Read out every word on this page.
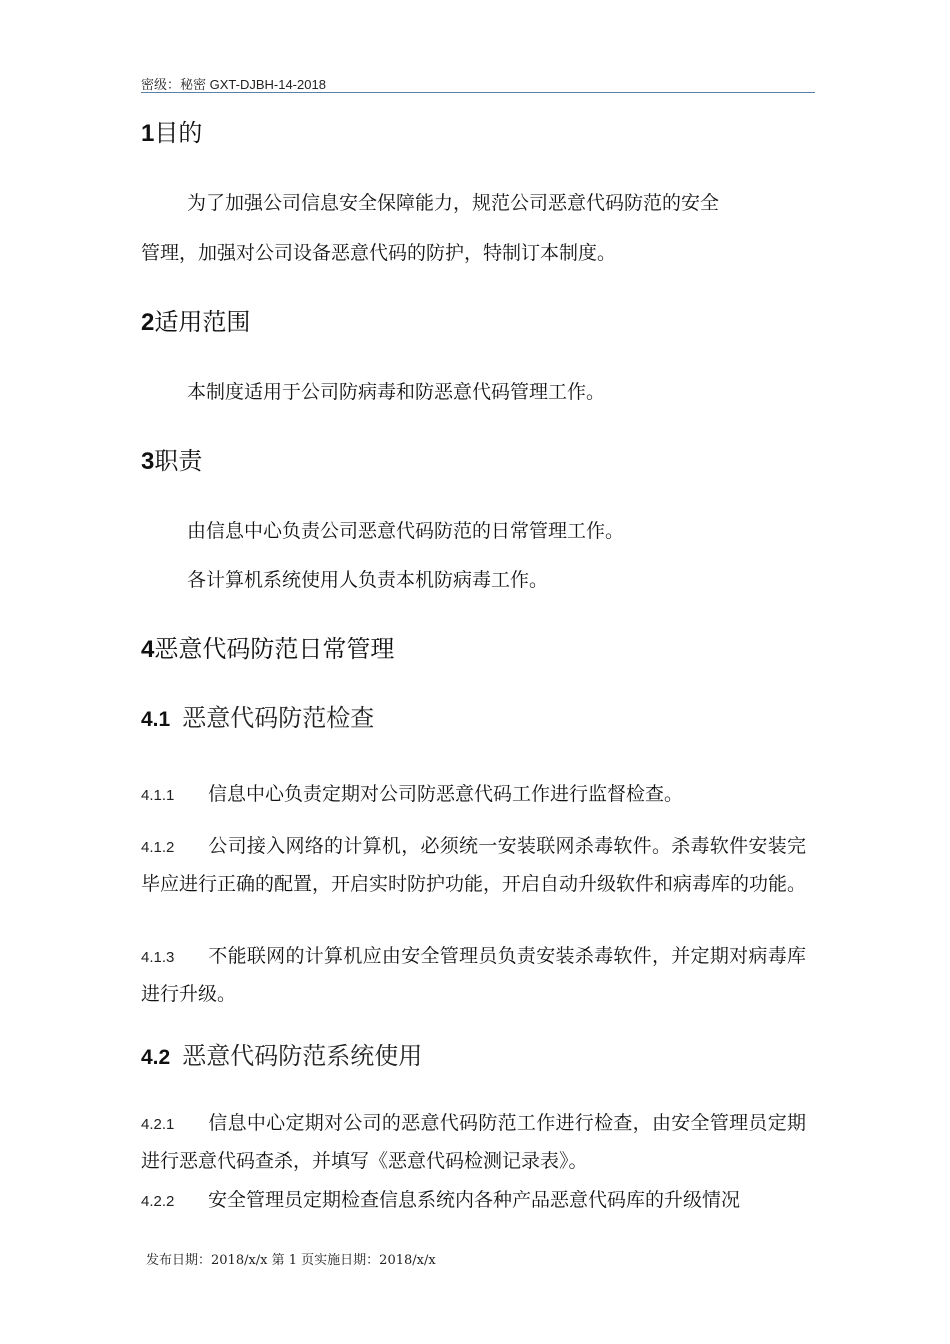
密级：秘密 GXT-DJBH-14-2018
1目的
为了加强公司信息安全保障能力，规范公司恶意代码防范的安全
管理，加强对公司设备恶意代码的防护，特制订本制度。
2适用范围
本制度适用于公司防病毒和防恶意代码管理工作。
3职责
由信息中心负责公司恶意代码防范的日常管理工作。
各计算机系统使用人负责本机防病毒工作。
4恶意代码防范日常管理
4.1 恶意代码防范检查
4.1.1 信息中心负责定期对公司防恶意代码工作进行监督检查。
4.1.2 公司接入网络的计算机，必须统一安装联网杀毒软件。杀毒软件安装完毕应进行正确的配置，开启实时防护功能，开启自动升级软件和病毒库的功能。
4.1.3 不能联网的计算机应由安全管理员负责安装杀毒软件，并定期对病毒库进行升级。
4.2 恶意代码防范系统使用
4.2.1 信息中心定期对公司的恶意代码防范工作进行检查，由安全管理员定期进行恶意代码查杀，并填写《恶意代码检测记录表》。
4.2.2 安全管理员定期检查信息系统内各种产品恶意代码库的升级情况
发布日期：2018/x/x 第 1 页实施日期：2018/x/x
